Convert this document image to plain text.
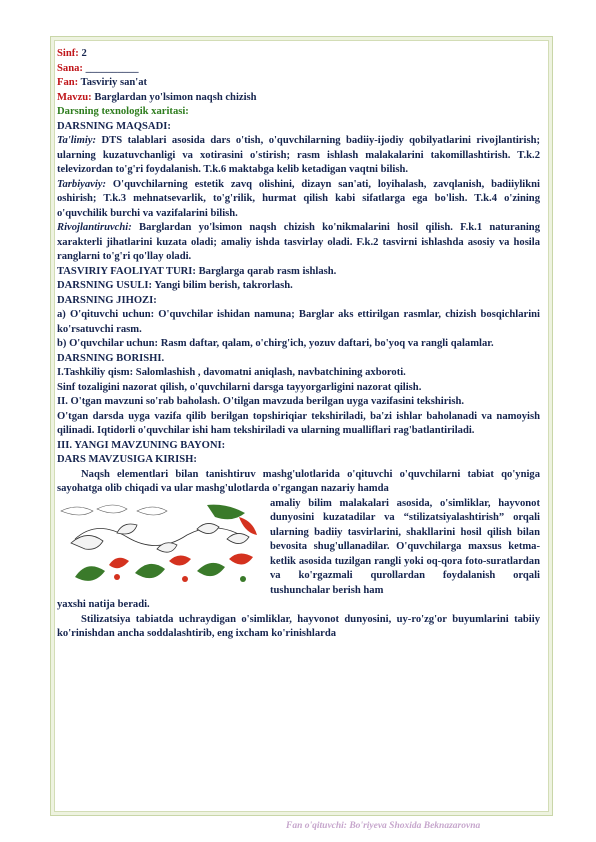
Sinf: 2
Sana: __________
Fan: Tasviriy san'at
Mavzu: Barglardan yo'lsimon naqsh chizish
Darsning texnologik xaritasi:
DARSNING MAQSADI:
Ta'limiy: DTS talablari asosida dars o'tish, o'quvchilarning badiiy-ijodiy qobilyatlarini rivojlantirish; ularning kuzatuvchanligi va xotirasini o'stirish; rasm ishlash malakalarini takomillashtirish. T.k.2 televizordan to'g'ri foydalanish. T.k.6 maktabga kelib ketadigan vaqtni bilish.
Tarbiyaviy: O'quvchilarning estetik zavq olishini, dizayn san'ati, loyihalash, zavqlanish, badiiylikni oshirish; T.k.3 mehnatsevarlik, to'g'rilik, hurmat qilish kabi sifatlarga ega bo'lish. T.k.4 o'zining o'quvchilik burchi va vazifalarini bilish.
Rivojlantiruvchi: Barglardan yo'lsimon naqsh chizish ko'nikmalarini hosil qilish. F.k.1 naturaning xarakterli jihatlarini kuzata oladi; amaliy ishda tasvirlay oladi. F.k.2 tasvirni ishlashda asosiy va hosila ranglarni to'g'ri qo'llay oladi.
TASVIRIY FAOLIYAT TURI: Barglarga qarab rasm ishlash.
DARSNING USULI: Yangi bilim berish, takrorlash.
DARSNING JIHOZI:
a) O'qituvchi uchun: O'quvchilar ishidan namuna; Barglar aks ettirilgan rasmlar, chizish bosqichlarini ko'rsatuvchi rasm.
b) O'quvchilar uchun: Rasm daftar, qalam, o'chirg'ich, yozuv daftari, bo'yoq va rangli qalamlar.
DARSNING BORISHI.
I.Tashkiliy qism: Salomlashish , davomatni aniqlash, navbatchining axboroti.
Sinf tozaligini nazorat qilish, o'quvchilarni darsga tayyorgarligini nazorat qilish.
II. O'tgan mavzuni so'rab baholash. O'tilgan mavzuda berilgan uyga vazifasini tekshirish.
O'tgan darsda uyga vazifa qilib berilgan topshiriqiar tekshiriladi, ba'zi ishlar baholanadi va namoyish qilinadi. Iqtidorli o'quvchilar ishi ham tekshiriladi va ularning mualliflari rag'batlantiriladi.
III. YANGI MAVZUNING BAYONI:
DARS MAVZUSIGA KIRISH:
Naqsh elementlari bilan tanishtiruv mashg'ulotlarida o'qituvchi o'quvchilarni tabiat qo'yniga sayohatga olib chiqadi va ular mashg'ulotlarda o'rgangan nazariy hamda
amaliy bilim malakalari asosida, o'simliklar, hayvonot dunyosini kuzatadilar va “stilizatsiyalashtirish” orqali ularning badiiy tasvirlarini, shakllarini hosil qilish bilan bevosita shug'ullanadilar. O'quvchilarga maxsus ketma-ketlik asosida tuzilgan rangli yoki oq-qora foto-suratlardan va ko'rgazmali qurollardan foydalanish orqali tushunchalar berish ham
yaxshi natija beradi.
Stilizatsiya tabiatda uchraydigan o'simliklar, hayvonot dunyosini, uy-ro'zg'or buyumlarini tabiiy ko'rinishdan ancha soddalashtirib, eng ixcham ko'rinishlarda
Fan o'qituvchi: Bo'riyeva Shoxida Beknazarovna
